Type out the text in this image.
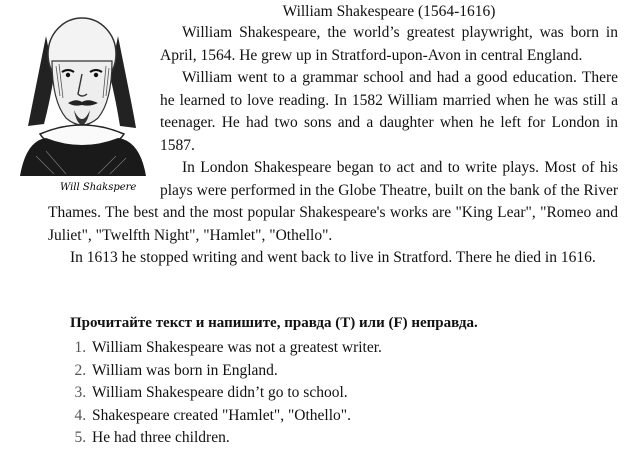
Will Shakspere
William Shakespeare (1564-1616)

William Shakespeare, the world’s greatest playwright, was born in April, 1564. He grew up in Stratford-upon-Avon in central England.

William went to a grammar school and had a good education. There he learned to love reading. In 1582 William married when he was still a teenager. He had two sons and a daughter when he left for London in 1587.

In London Shakespeare began to act and to write plays. Most of his plays were performed in the Globe Theatre, built on the bank of the River Thames. The best and the most popular Shakespeare's works are "King Lear", "Romeo and Juliet", "Twelfth Night", "Hamlet", "Othello".

In 1613 he stopped writing and went back to live in Stratford. There he died in 1616.

Прочитайте текст и напишите, правда (T) или (F) неправда.
1. William Shakespeare was not a greatest writer.
2. William was born in England.
3. William Shakespeare didn’t go to school.
4. Shakespeare created "Hamlet", "Othello".
5. He had three children.
